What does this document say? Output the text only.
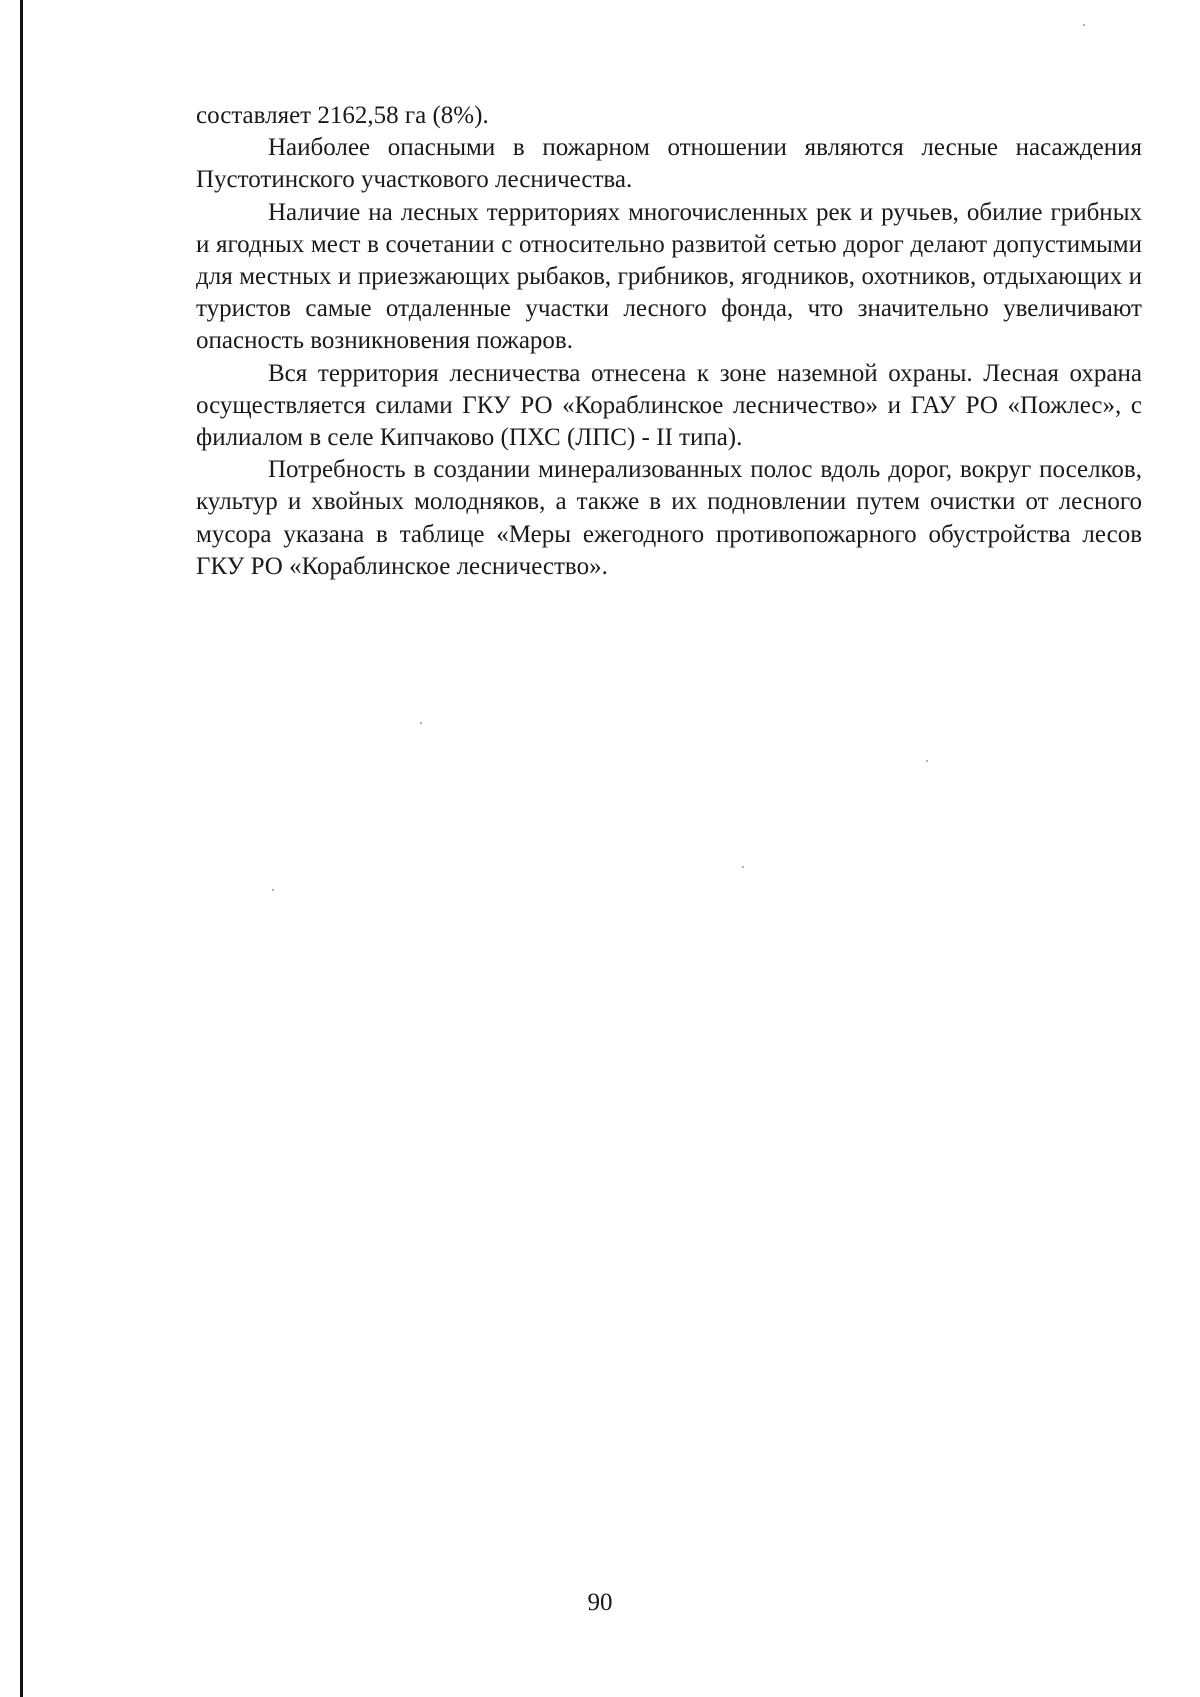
составляет 2162,58 га (8%).

Наиболее опасными в пожарном отношении являются лесные насаждения Пустотинского участкового лесничества.

Наличие на лесных территориях многочисленных рек и ручьев, обилие грибных и ягодных мест в сочетании с относительно развитой сетью дорог делают допустимыми для местных и приезжающих рыбаков, грибников, ягодников, охотников, отдыхающих и туристов самые отдаленные участки лесного фонда, что значительно увеличивают опасность возникновения пожаров.

Вся территория лесничества отнесена к зоне наземной охраны. Лесная охрана осуществляется силами ГКУ РО «Кораблинское лесничество» и ГАУ РО «Пожлес», с филиалом в селе Кипчаково (ПХС (ЛПС) - II типа).

Потребность в создании минерализованных полос вдоль дорог, вокруг поселков, культур и хвойных молодняков, а также в их подновлении путем очистки от лесного мусора указана в таблице «Меры ежегодного противопожарного обустройства лесов ГКУ РО «Кораблинское лесничество».

90
